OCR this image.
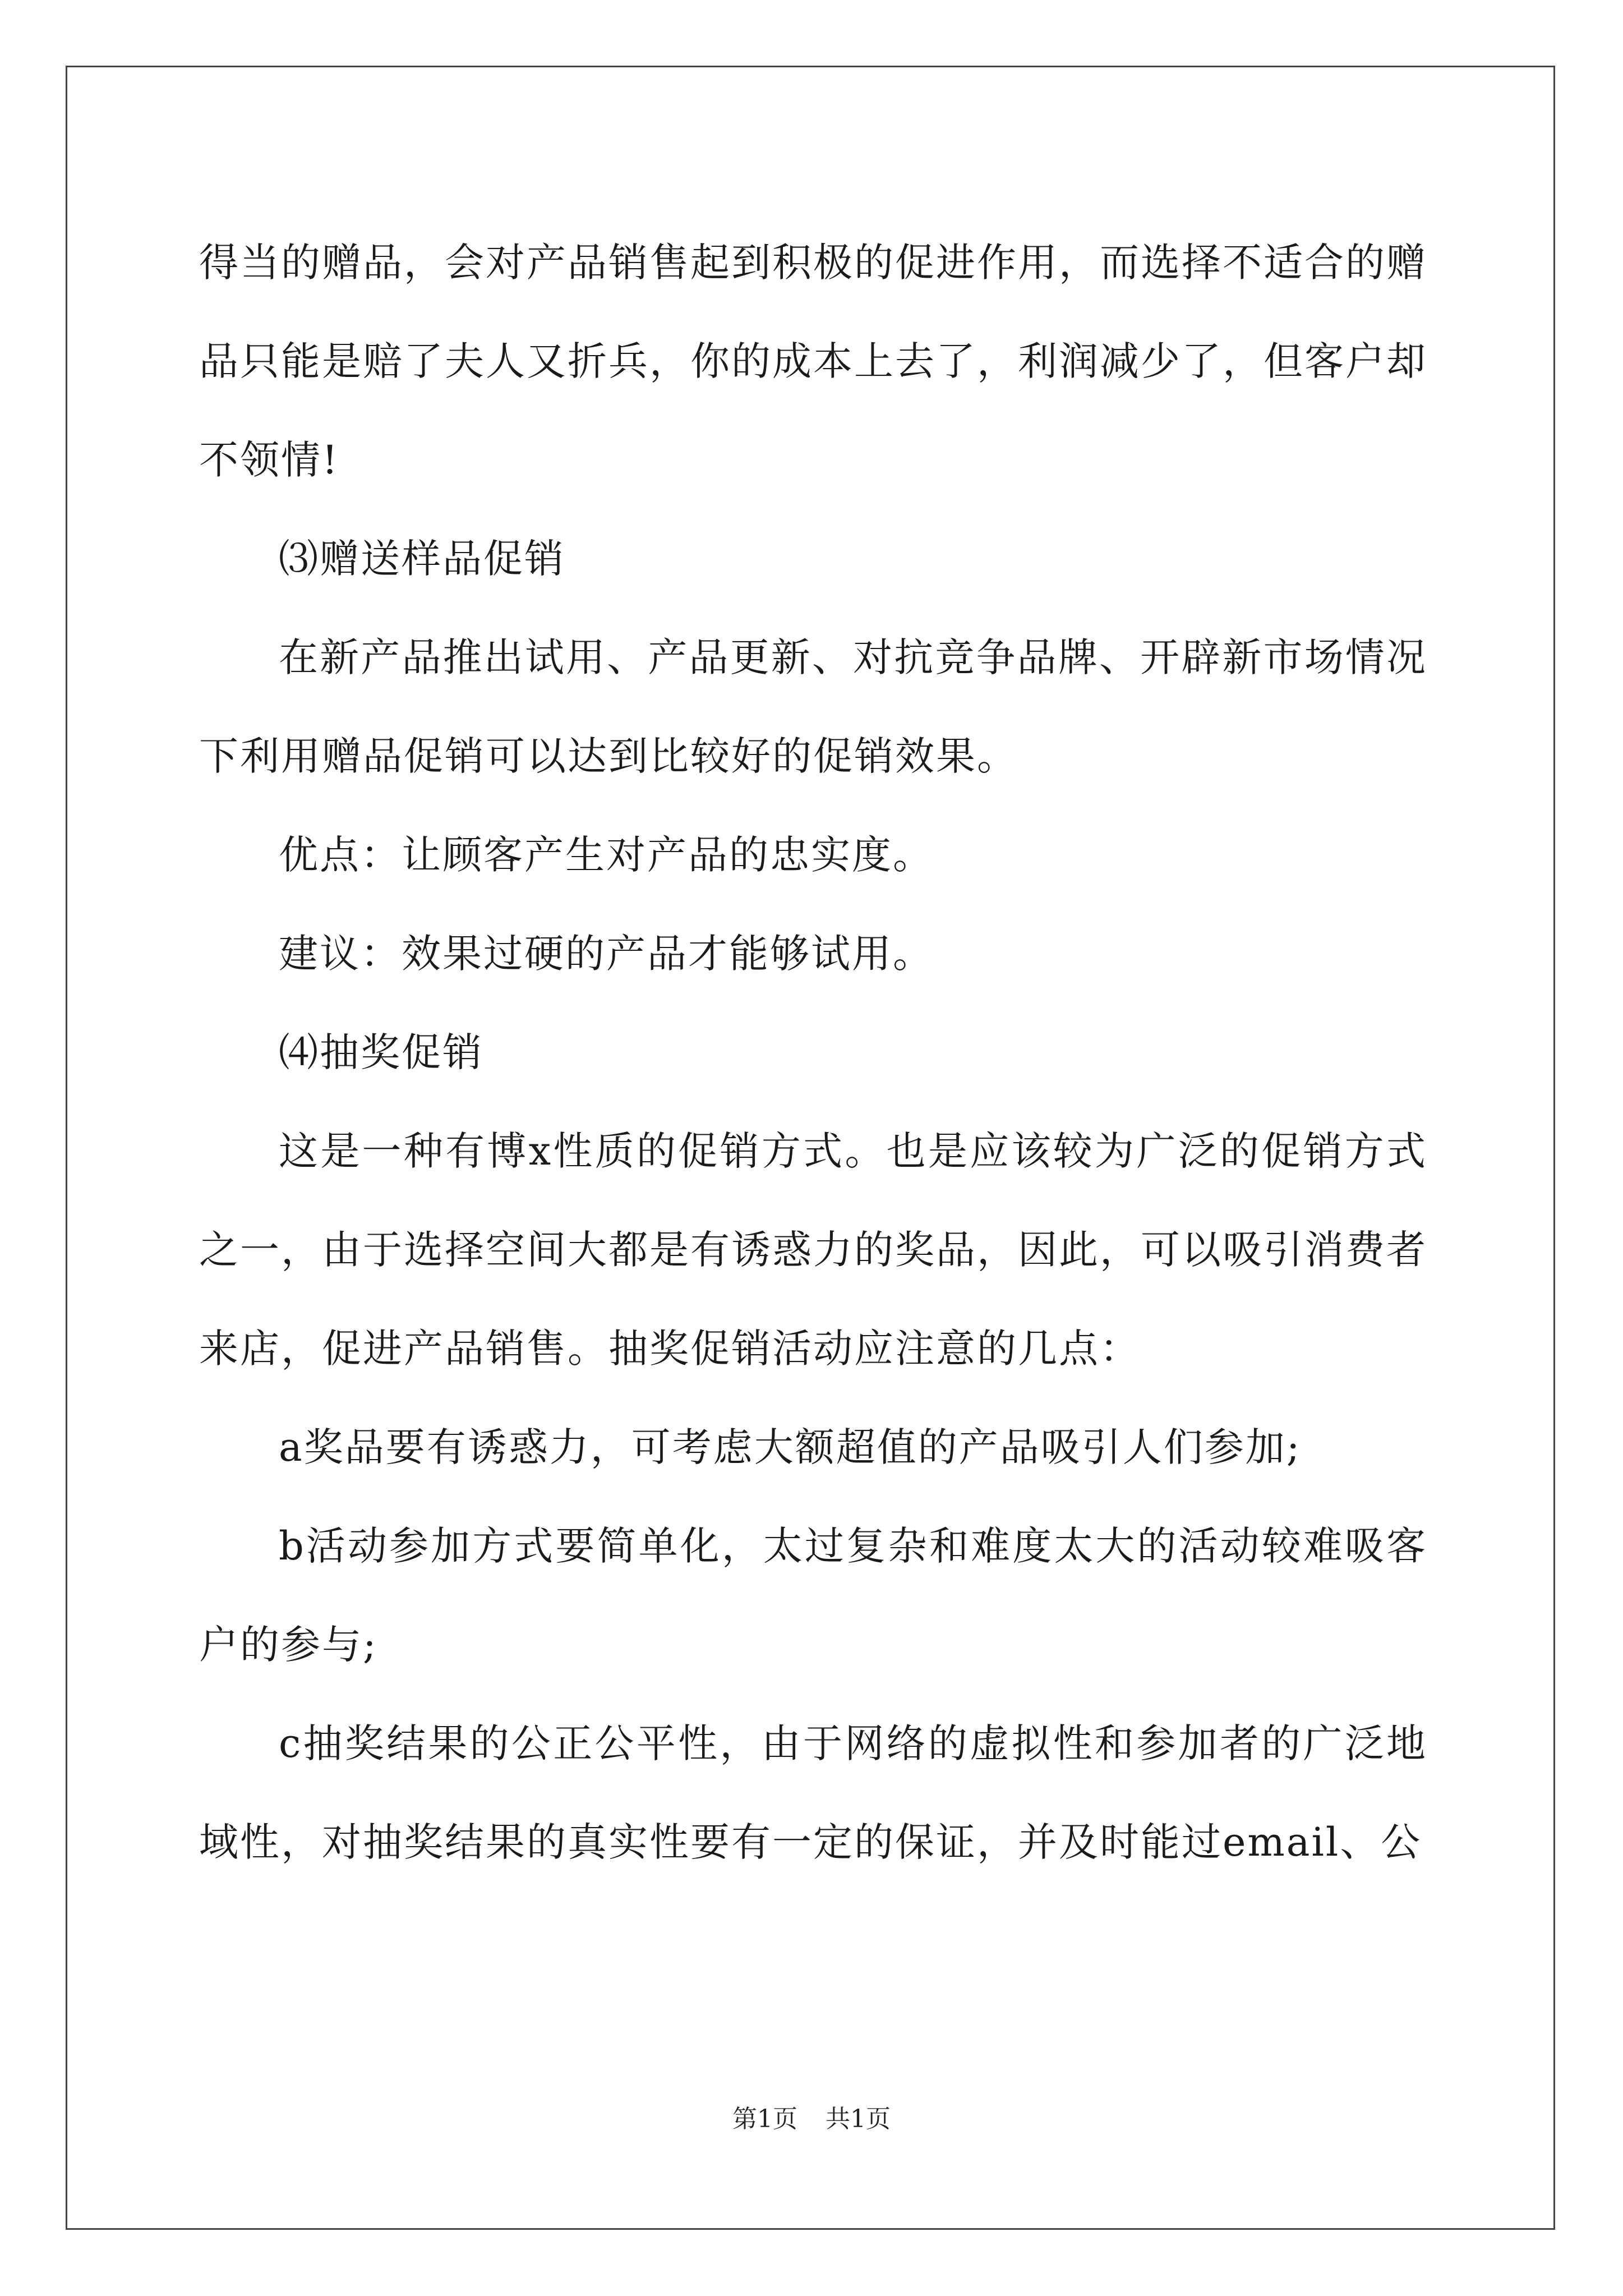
得当的赠品，会对产品销售起到积极的促进作用，而选择不适合的赠品只能是赔了夫人又折兵，你的成本上去了，利润减少了，但客户却不领情!

⑶赠送样品促销

在新产品推出试用、产品更新、对抗竞争品牌、开辟新市场情况下利用赠品促销可以达到比较好的促销效果。

优点：让顾客产生对产品的忠实度。

建议：效果过硬的产品才能够试用。

⑷抽奖促销

这是一种有博x性质的促销方式。也是应该较为广泛的促销方式之一，由于选择空间大都是有诱惑力的奖品，因此，可以吸引消费者来店，促进产品销售。抽奖促销活动应注意的几点：

a奖品要有诱惑力，可考虑大额超值的产品吸引人们参加;

b活动参加方式要简单化，太过复杂和难度太大的活动较难吸客户的参与;

c抽奖结果的公正公平性，由于网络的虚拟性和参加者的广泛地域性，对抽奖结果的真实性要有一定的保证，并及时能过email、公

第1页 共1页
